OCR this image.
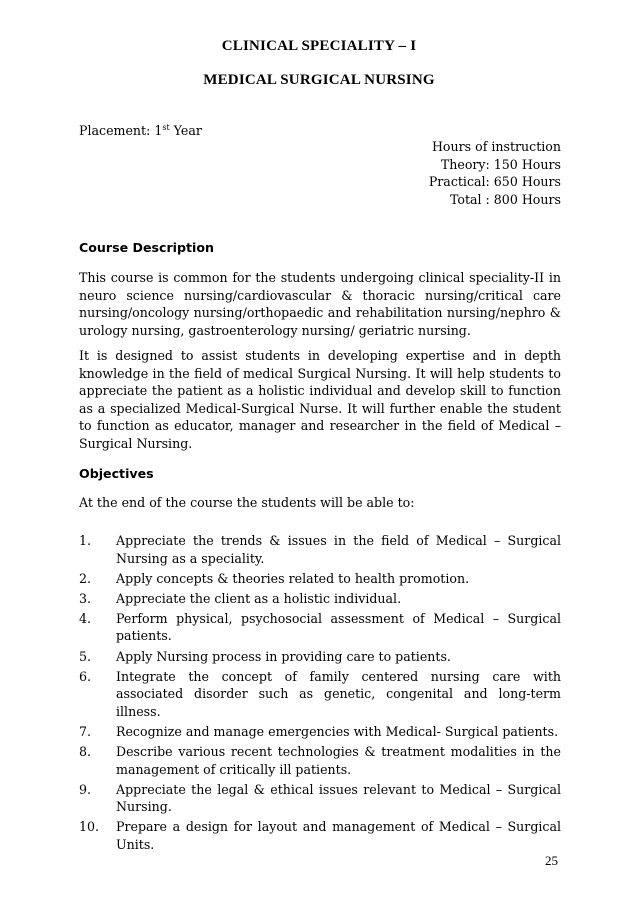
CLINICAL SPECIALITY – I
MEDICAL SURGICAL NURSING
Placement: 1st Year
Hours of instruction
Theory: 150 Hours
Practical: 650 Hours
Total : 800 Hours
Course Description
This course is common for the students undergoing clinical speciality-II in neuro science nursing/cardiovascular & thoracic nursing/critical care nursing/oncology nursing/orthopaedic and rehabilitation nursing/nephro & urology nursing, gastroenterology nursing/ geriatric nursing.
It is designed to assist students in developing expertise and in depth knowledge in the field of medical Surgical Nursing. It will help students to appreciate the patient as a holistic individual and develop skill to function as a specialized Medical-Surgical Nurse. It will further enable the student to function as educator, manager and researcher in the field of Medical – Surgical Nursing.
Objectives
At the end of the course the students will be able to:
1.	Appreciate the trends & issues in the field of Medical – Surgical Nursing as a speciality.
2.	Apply concepts & theories related to health promotion.
3.	Appreciate the client as a holistic individual.
4.	Perform physical, psychosocial assessment of Medical – Surgical patients.
5.	Apply Nursing process in providing care to patients.
6.	Integrate the concept of family centered nursing care with associated disorder such as genetic, congenital and long-term illness.
7.	Recognize and manage emergencies with Medical- Surgical patients.
8.	Describe various recent technologies & treatment modalities in the management of critically ill patients.
9.	Appreciate the legal & ethical issues relevant to Medical – Surgical Nursing.
10.	Prepare a design for layout and management of Medical – Surgical Units.
25
